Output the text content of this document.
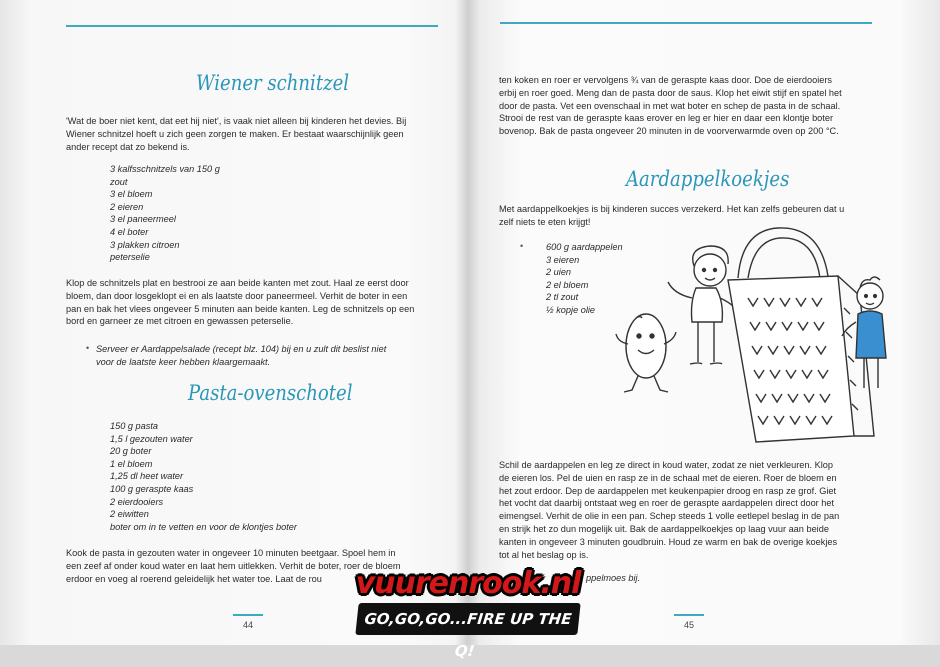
Wiener schnitzel
'Wat de boer niet kent, dat eet hij niet', is vaak niet alleen bij kinderen het devies. Bij
Wiener schnitzel hoeft u zich geen zorgen te maken. Er bestaat waarschijnlijk geen
ander recept dat zo bekend is.
3 kalfsschnitzels van 150 g
zout
3 el bloem
2 eieren
3 el paneermeel
4 el boter
3 plakken citroen
peterselie
Klop de schnitzels plat en bestrooi ze aan beide kanten met zout. Haal ze eerst door
bloem, dan door losgeklopt ei en als laatste door paneermeel. Verhit de boter in een
pan en bak het vlees ongeveer 5 minuten aan beide kanten. Leg de schnitzels op een
bord en garneer ze met citroen en gewassen peterselie.
• Serveer er Aardappelsalade (recept blz. 104) bij en u zult dit beslist niet
voor de laatste keer hebben klaargemaakt.
Pasta-ovenschotel
150 g pasta
1,5 l gezouten water
20 g boter
1 el bloem
1,25 dl heet water
100 g geraspte kaas
2 eierdooiers
2 eiwitten
boter om in te vetten en voor de klontjes boter
Kook de pasta in gezouten water in ongeveer 10 minuten beetgaar. Spoel hem in
een zeef af onder koud water en laat hem uitlekken. Verhit de boter, roer de bloem
erdoor en voeg al roerend geleidelijk het water toe. Laat de rou
44
ten koken en roer er vervolgens ¾ van de geraspte kaas door. Doe de eierdooiers
erbij en roer goed. Meng dan de pasta door de saus. Klop het eiwit stijf en spatel het
door de pasta. Vet een ovenschaal in met wat boter en schep de pasta in de schaal.
Strooi de rest van de geraspte kaas erover en leg er hier en daar een klontje boter
bovenop. Bak de pasta ongeveer 20 minuten in de voorverwarmde oven op 200 °C.
Aardappelkoekjes
Met aardappelkoekjes is bij kinderen succes verzekerd. Het kan zelfs gebeuren dat u
zelf niets te eten krijgt!
• 600 g aardappelen
3 eieren
2 uien
2 el bloem
2 tl zout
½ kopje olie
Schil de aardappelen en leg ze direct in koud water, zodat ze niet verkleuren. Klop
de eieren los. Pel de uien en rasp ze in de schaal met de eieren. Roer de bloem en
het zout erdoor. Dep de aardappelen met keukenpapier droog en rasp ze grof. Giet
het vocht dat daarbij ontstaat weg en roer de geraspte aardappelen direct door het
eimengsel. Verhit de olie in een pan. Schep steeds 1 volle eetlepel beslag in de pan
en strijk het zo dun mogelijk uit. Bak de aardappelkoekjes op laag vuur aan beide
kanten in ongeveer 3 minuten goudbruin. Houd ze warm en bak de overige koekjes
tot al het beslag op is.
ppelmoes bij.
45
vuurenrook.nl
GO,GO,GO...FIRE UP THE Q!
